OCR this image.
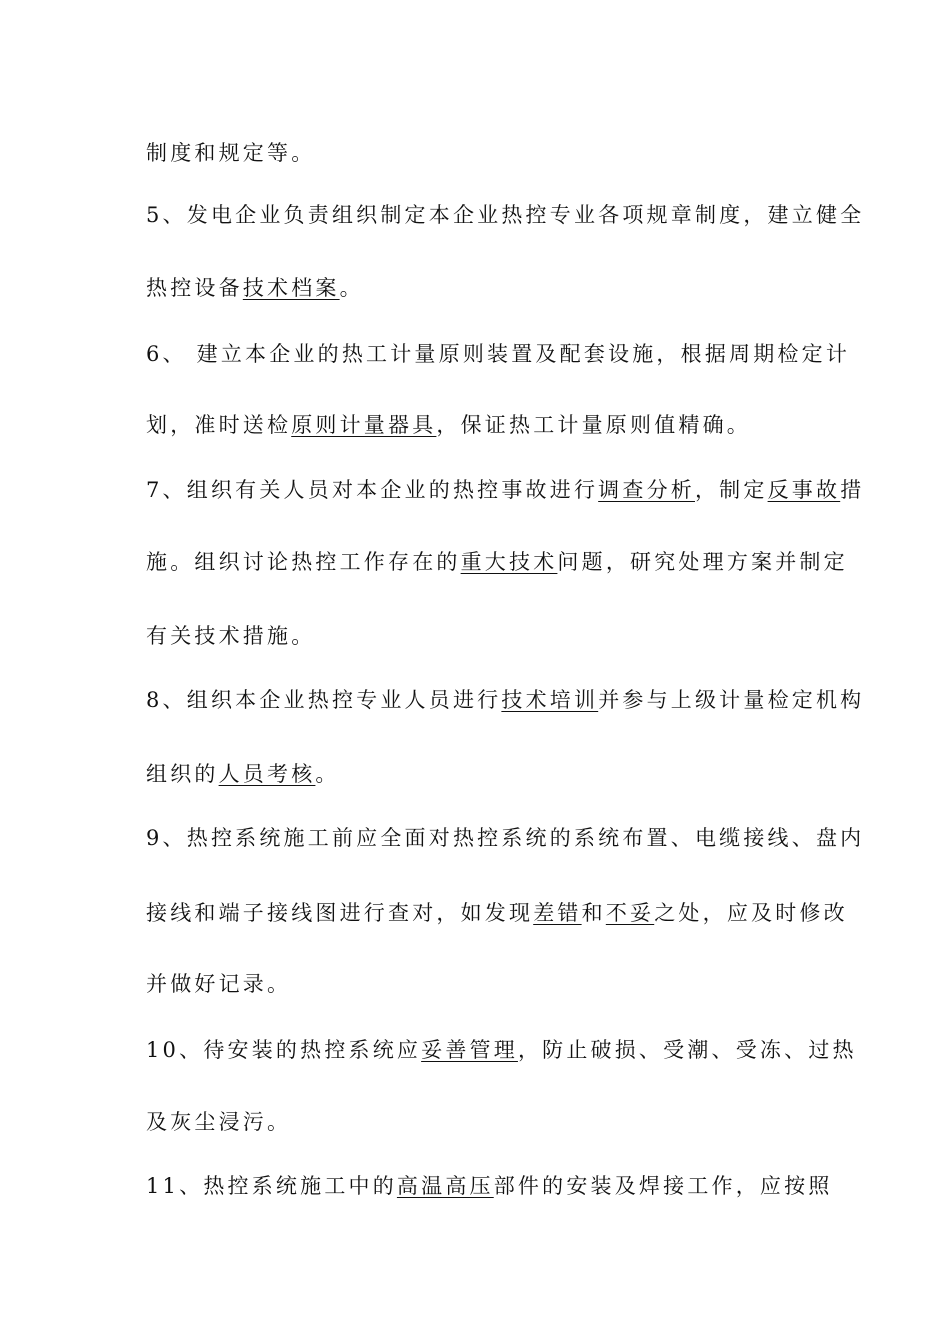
制度和规定等。
5、发电企业负责组织制定本企业热控专业各项规章制度，建立健全
热控设备技术档案。
6、 建立本企业的热工计量原则装置及配套设施，根据周期检定计
划，准时送检原则计量器具，保证热工计量原则值精确。
7、组织有关人员对本企业的热控事故进行调查分析，制定反事故措
施。组织讨论热控工作存在的重大技术问题，研究处理方案并制定
有关技术措施。
8、组织本企业热控专业人员进行技术培训并参与上级计量检定机构
组织的人员考核。
9、热控系统施工前应全面对热控系统的系统布置、电缆接线、盘内
接线和端子接线图进行查对，如发现差错和不妥之处，应及时修改
并做好记录。
10、待安装的热控系统应妥善管理，防止破损、受潮、受冻、过热
及灰尘浸污。
11、热控系统施工中的高温高压部件的安装及焊接工作，应按照
